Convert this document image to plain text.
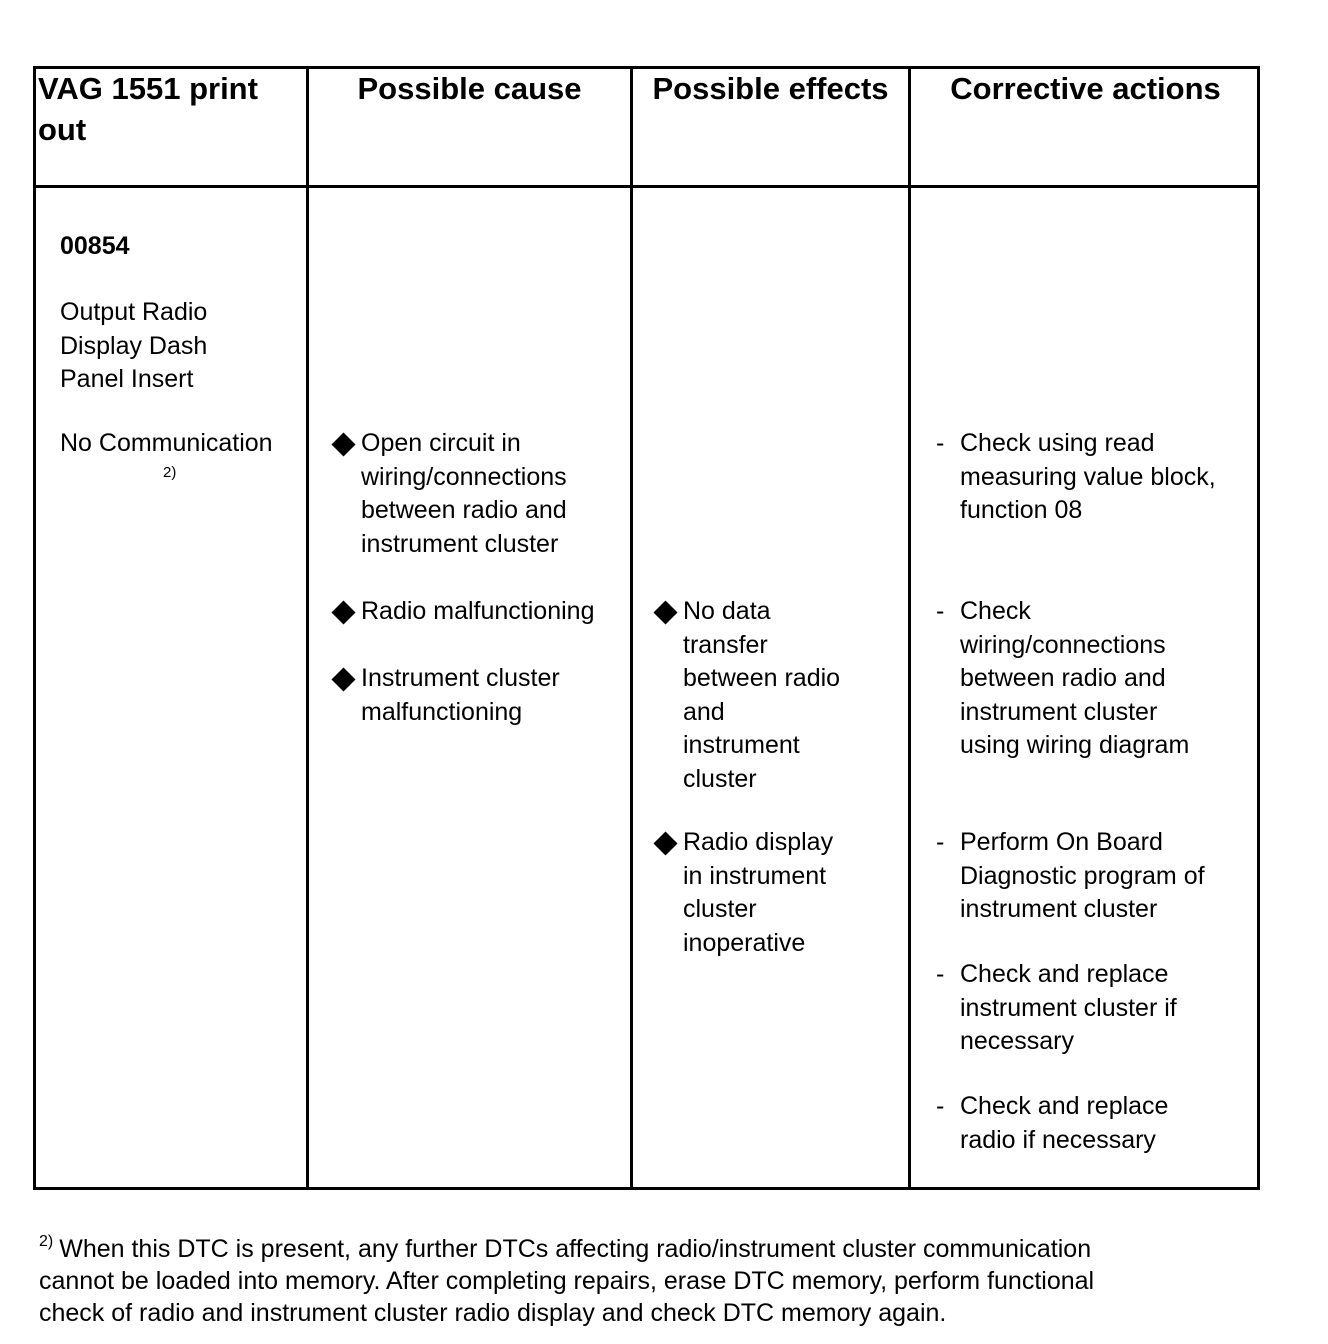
VAG 1551 print
out
Possible cause	Possible effects	Corrective actions
00854
Output Radio
Display Dash
Panel Insert
No Communication
2)
Open circuit in
wiring/connections
between radio and
instrument cluster
Radio malfunctioning
Instrument cluster
malfunctioning
No data
transfer
between radio
and
instrument
cluster
Radio display
in instrument
cluster
inoperative
- Check using read
measuring value block,
function 08
- Check
wiring/connections
between radio and
instrument cluster
using wiring diagram
- Perform On Board
Diagnostic program of
instrument cluster
- Check and replace
instrument cluster if
necessary
- Check and replace
radio if necessary
$^{2)}$ When this DTC is present, any further DTCs affecting radio/instrument cluster communication
cannot be loaded into memory. After completing repairs, erase DTC memory, perform functional
check of radio and instrument cluster radio display and check DTC memory again.
